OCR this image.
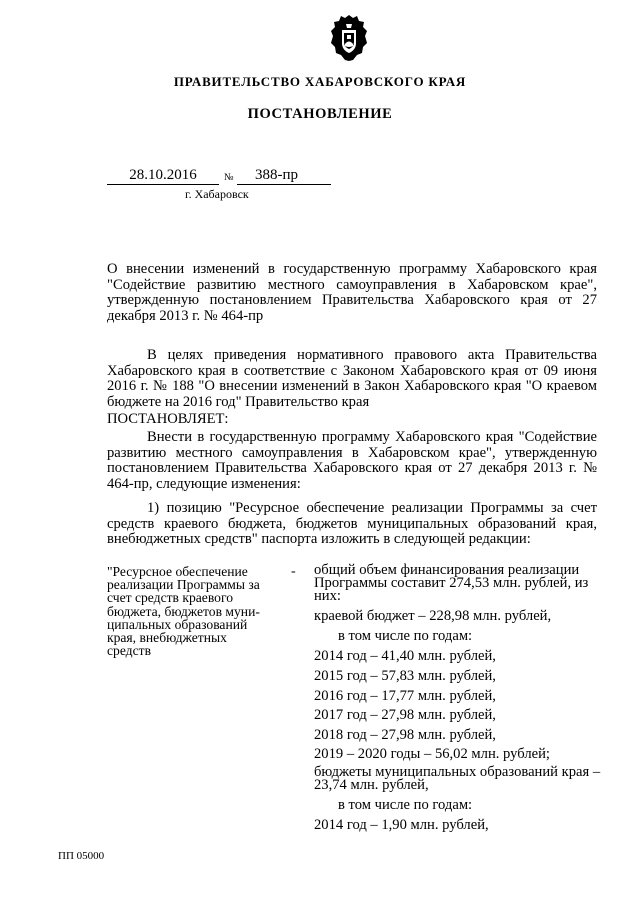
ПРАВИТЕЛЬСТВО ХАБАРОВСКОГО КРАЯ
ПОСТАНОВЛЕНИЕ
28.10.2016	№	388-пр
г. Хабаровск
О внесении изменений в государственную программу Хабаровского края "Содействие развитию местного самоуправления в Хабаровском крае", утвержденную постановлением Правительства Хабаровского края от 27 декабря 2013 г. № 464-пр
В целях приведения нормативного правового акта Правительства Хабаровского края в соответствие с Законом Хабаровского края от 09 июня 2016 г. № 188 "О внесении изменений в Закон Хабаровского края "О краевом бюджете на 2016 год" Правительство края
ПОСТАНОВЛЯЕТ:
Внести в государственную программу Хабаровского края "Содействие развитию местного самоуправления в Хабаровском крае", утвержденную постановлением Правительства Хабаровского края от 27 декабря 2013 г. № 464-пр, следующие изменения:
1) позицию "Ресурсное обеспечение реализации Программы за счет средств краевого бюджета, бюджетов муниципальных образований края, внебюджетных средств" паспорта изложить в следующей редакции:
"Ресурсное обеспечение
реализации Программы за
счет средств краевого
бюджета, бюджетов муни-
ципальных образований
края, внебюджетных
средств
- общий объем финансирования реализации
Программы составит 274,53 млн. рублей, из
них:
краевой бюджет – 228,98 млн. рублей,
в том числе по годам:
2014 год – 41,40 млн. рублей,
2015 год – 57,83 млн. рублей,
2016 год – 17,77 млн. рублей,
2017 год – 27,98 млн. рублей,
2018 год – 27,98 млн. рублей,
2019 – 2020 годы – 56,02 млн. рублей;
бюджеты муниципальных образований края –
23,74 млн. рублей,
в том числе по годам:
2014 год – 1,90 млн. рублей,
ПП 05000
